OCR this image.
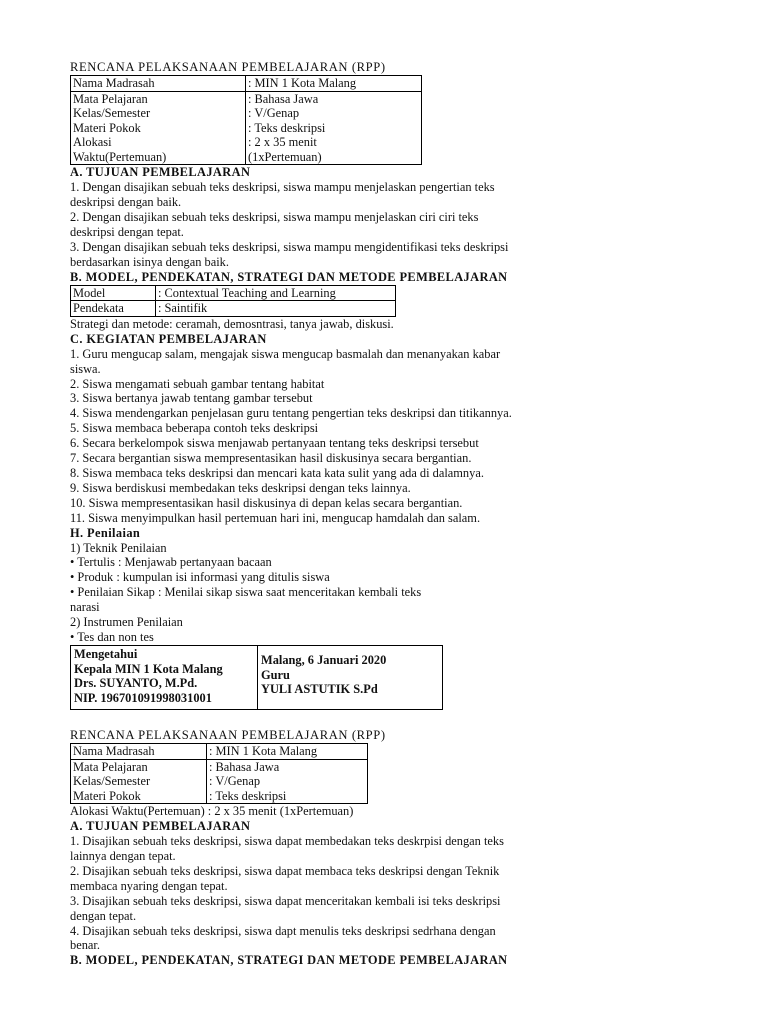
RENCANA PELAKSANAAN PEMBELAJARAN (RPP)
Nama Madrasah	: MIN 1 Kota Malang
Mata Pelajaran	: Bahasa Jawa
Kelas/Semester	: V/Genap
Materi Pokok	: Teks deskripsi
Alokasi	: 2 x 35 menit
Waktu(Pertemuan)	(1xPertemuan)
A. TUJUAN PEMBELAJARAN
1. Dengan disajikan sebuah teks deskripsi, siswa mampu menjelaskan pengertian teks
deskripsi dengan baik.
2. Dengan disajikan sebuah teks deskripsi, siswa mampu menjelaskan ciri ciri teks
deskripsi dengan tepat.
3. Dengan disajikan sebuah teks deskripsi, siswa mampu mengidentifikasi teks deskripsi
berdasarkan isinya dengan baik.
B. MODEL, PENDEKATAN, STRATEGI DAN METODE PEMBELAJARAN
Model	: Contextual Teaching and Learning
Pendekata	: Saintifik
Strategi dan metode: ceramah, demosntrasi, tanya jawab, diskusi.
C. KEGIATAN PEMBELAJARAN
1. Guru mengucap salam, mengajak siswa mengucap basmalah dan menanyakan kabar
siswa.
2. Siswa mengamati sebuah gambar tentang habitat
3. Siswa bertanya jawab tentang gambar tersebut
4. Siswa mendengarkan penjelasan guru tentang pengertian teks deskripsi dan titikannya.
5. Siswa membaca beberapa contoh teks deskripsi
6. Secara berkelompok siswa menjawab pertanyaan tentang teks deskripsi tersebut
7. Secara bergantian siswa mempresentasikan hasil diskusinya secara bergantian.
8. Siswa membaca teks deskripsi dan mencari kata kata sulit yang ada di dalamnya.
9. Siswa berdiskusi membedakan teks deskripsi dengan teks lainnya.
10. Siswa mempresentasikan hasil diskusinya di depan kelas secara bergantian.
11. Siswa menyimpulkan hasil pertemuan hari ini, mengucap hamdalah dan salam.
H. Penilaian
1) Teknik Penilaian
• Tertulis : Menjawab pertanyaan bacaan
• Produk : kumpulan isi informasi yang ditulis siswa
• Penilaian Sikap : Menilai sikap siswa saat menceritakan kembali teks
narasi
2) Instrumen Penilaian
• Tes dan non tes
Mengetahui
Kepala MIN 1 Kota Malang
Drs. SUYANTO, M.Pd.
NIP. 196701091998031001

Malang, 6 Januari 2020
Guru
YULI ASTUTIK S.Pd
RENCANA PELAKSANAAN PEMBELAJARAN (RPP)
Nama Madrasah	: MIN 1 Kota Malang
Mata Pelajaran	: Bahasa Jawa
Kelas/Semester	: V/Genap
Materi Pokok	: Teks deskripsi
Alokasi Waktu(Pertemuan) : 2 x 35 menit (1xPertemuan)
A. TUJUAN PEMBELAJARAN
1. Disajikan sebuah teks deskripsi, siswa dapat membedakan teks deskrpisi dengan teks
lainnya dengan tepat.
2. Disajikan sebuah teks deskripsi, siswa dapat membaca teks deskripsi dengan Teknik
membaca nyaring dengan tepat.
3. Disajikan sebuah teks deskripsi, siswa dapat menceritakan kembali isi teks deskripsi
dengan tepat.
4. Disajikan sebuah teks deskripsi, siswa dapt menulis teks deskripsi sedrhana dengan
benar.
B. MODEL, PENDEKATAN, STRATEGI DAN METODE PEMBELAJARAN
